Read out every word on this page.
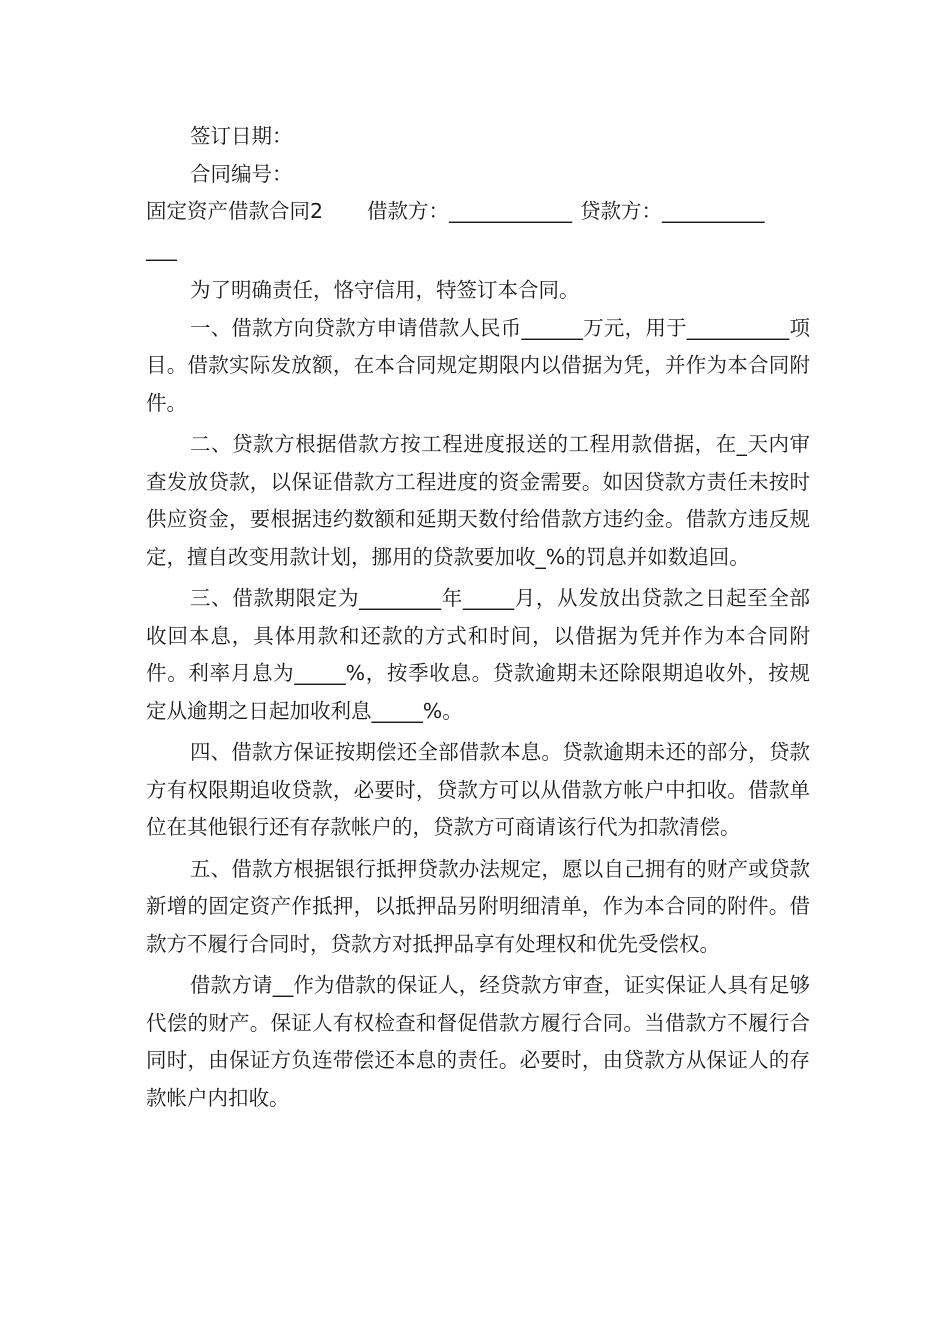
签订日期：

合同编号：

固定资产借款合同2 借款方：____________ 贷款方：__________

___

为了明确责任，恪守信用，特签订本合同。

一、借款方向贷款方申请借款人民币______万元，用于__________项目。借款实际发放额，在本合同规定期限内以借据为凭，并作为本合同附件。

二、贷款方根据借款方按工程进度报送的工程用款借据，在_天内审查发放贷款，以保证借款方工程进度的资金需要。如因贷款方责任未按时供应资金，要根据违约数额和延期天数付给借款方违约金。借款方违反规定，擅自改变用款计划，挪用的贷款要加收_%的罚息并如数追回。

三、借款期限定为________年_____月，从发放出贷款之日起至全部收回本息，具体用款和还款的方式和时间，以借据为凭并作为本合同附件。利率月息为_____%，按季收息。贷款逾期未还除限期追收外，按规定从逾期之日起加收利息_____%。

四、借款方保证按期偿还全部借款本息。贷款逾期未还的部分，贷款方有权限期追收贷款，必要时，贷款方可以从借款方帐户中扣收。借款单位在其他银行还有存款帐户的，贷款方可商请该行代为扣款清偿。

五、借款方根据银行抵押贷款办法规定，愿以自己拥有的财产或贷款新增的固定资产作抵押，以抵押品另附明细清单，作为本合同的附件。借款方不履行合同时，贷款方对抵押品享有处理权和优先受偿权。

借款方请__作为借款的保证人，经贷款方审查，证实保证人具有足够代偿的财产。保证人有权检查和督促借款方履行合同。当借款方不履行合同时，由保证方负连带偿还本息的责任。必要时，由贷款方从保证人的存款帐户内扣收。
